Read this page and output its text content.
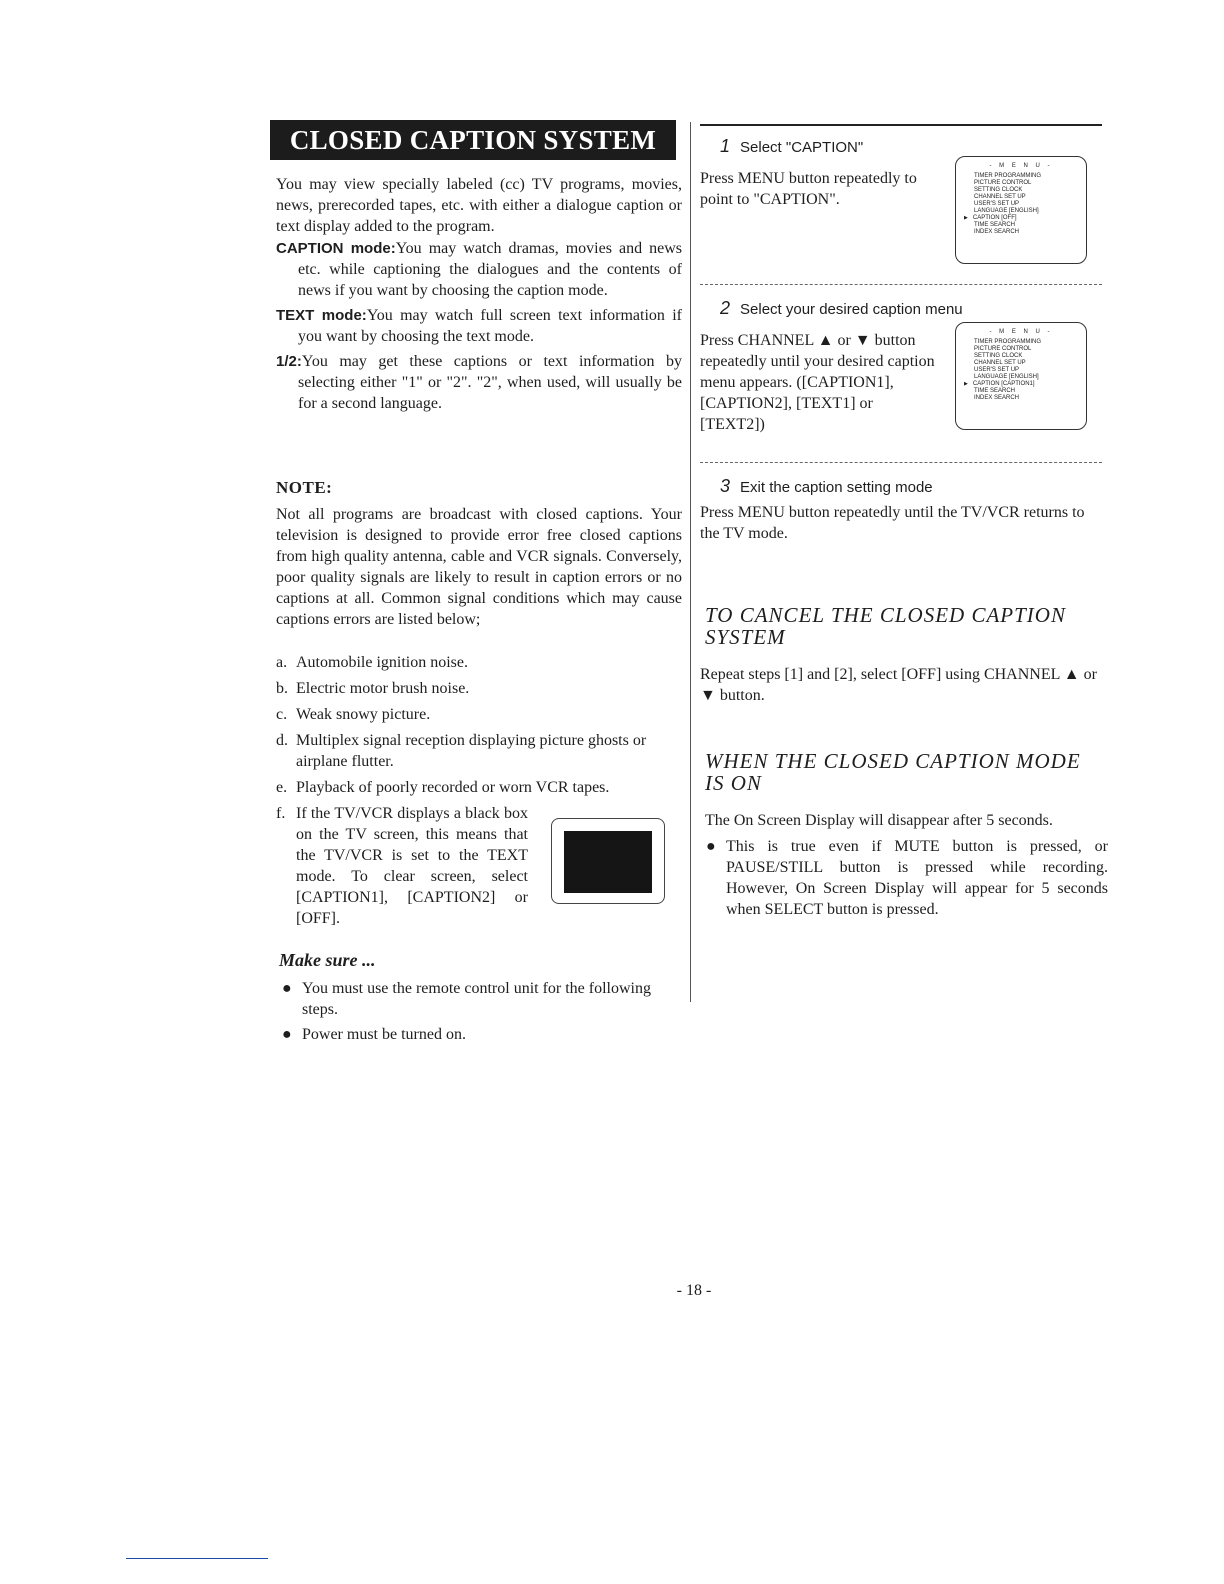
CLOSED CAPTION SYSTEM
You may view specially labeled (cc) TV programs, movies, news, prerecorded tapes, etc. with either a dialogue caption or text display added to the program.
CAPTION mode:You may watch dramas, movies and news etc. while captioning the dialogues and the contents of news if you want by choosing the caption mode.
TEXT mode:You may watch full screen text information if you want by choosing the text mode.
1/2:You may get these captions or text information by selecting either "1" or "2". "2", when used, will usually be for a second language.
NOTE:
Not all programs are broadcast with closed captions. Your television is designed to provide error free closed captions from high quality antenna, cable and VCR signals. Conversely, poor quality signals are likely to result in caption errors or no captions at all. Common signal conditions which may cause captions errors are listed below;
a. Automobile ignition noise.
b. Electric motor brush noise.
c. Weak snowy picture.
d. Multiplex signal reception displaying picture ghosts or airplane flutter.
e. Playback of poorly recorded or worn VCR tapes.
f. If the TV/VCR displays a black box on the TV screen, this means that the TV/VCR is set to the TEXT mode. To clear screen, select [CAPTION1], [CAPTION2] or [OFF].
Make sure ...
● You must use the remote control unit for the following steps.
● Power must be turned on.
1 Select "CAPTION"
Press MENU button repeatedly to point to "CAPTION".
- M E N U -
TIMER PROGRAMMING
PICTURE CONTROL
SETTING CLOCK
CHANNEL SET UP
USER'S SET UP
LANGUAGE [ENGLISH]
▶ CAPTION [OFF]
TIME SEARCH
INDEX SEARCH
2 Select your desired caption menu
Press CHANNEL ▲ or ▼ button repeatedly until your desired caption menu appears. ([CAPTION1], [CAPTION2], [TEXT1] or [TEXT2])
- M E N U -
TIMER PROGRAMMING
PICTURE CONTROL
SETTING CLOCK
CHANNEL SET UP
USER'S SET UP
LANGUAGE [ENGLISH]
▶ CAPTION [CAPTION1]
TIME SEARCH
INDEX SEARCH
3 Exit the caption setting mode
Press MENU button repeatedly until the TV/VCR returns to the TV mode.
TO CANCEL THE CLOSED CAPTION SYSTEM
Repeat steps [1] and [2], select [OFF] using CHANNEL ▲ or ▼ button.
WHEN THE CLOSED CAPTION MODE IS ON
The On Screen Display will disappear after 5 seconds.
● This is true even if MUTE button is pressed, or PAUSE/STILL button is pressed while recording. However, On Screen Display will appear for 5 seconds when SELECT button is pressed.
- 18 -
